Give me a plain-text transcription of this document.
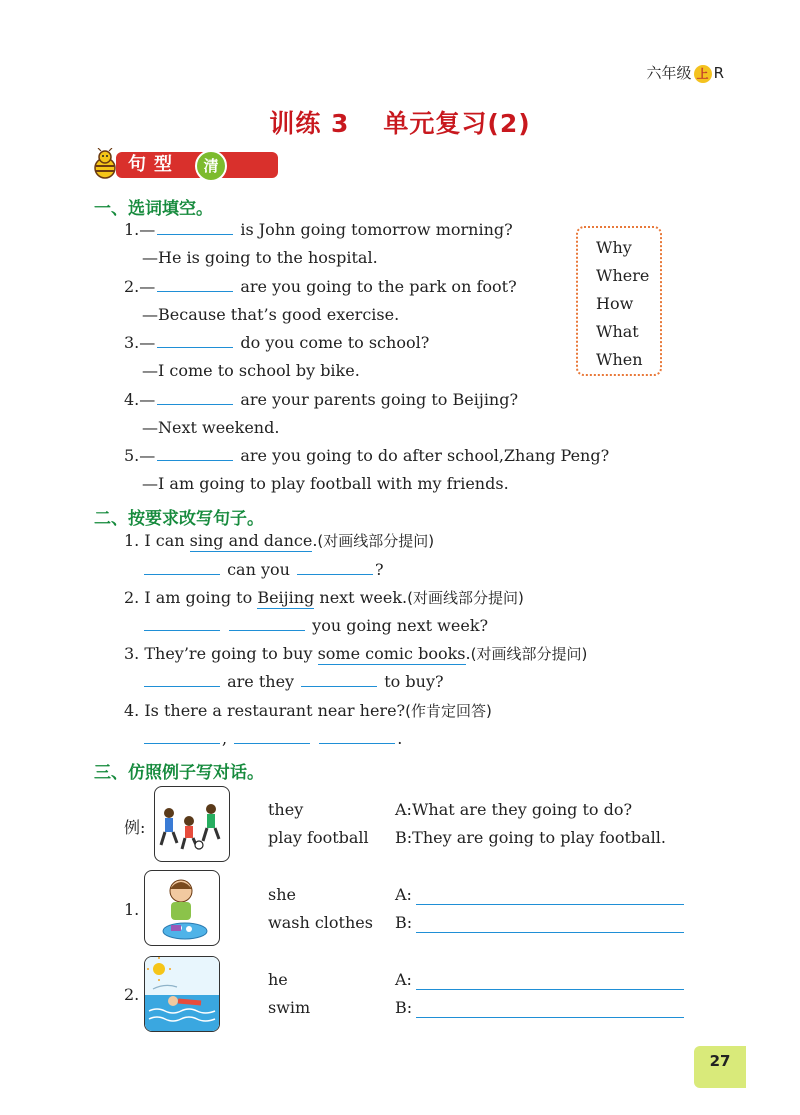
六年级 上 R
训练 3 单元复习(2)
句型	清
一、选词填空。
1.—	is John going tomorrow morning?
—He is going to the hospital.
2.—	are you going to the park on foot?
—Because that’s good exercise.
3.—	do you come to school?
—I come to school by bike.
4.—	are your parents going to Beijing?
—Next weekend.
5.—	are you going to do after school,Zhang Peng?
—I am going to play football with my friends.
Why
Where
How
What
When
二、按要求改写句子。
1. I can sing and dance.(对画线部分提问)
can you	?
2. I am going to Beijing next week.(对画线部分提问)
you going next week?
3. They’re going to buy some comic books.(对画线部分提问)
are they	to buy?
4. Is there a restaurant near here?(作肯定回答)
,	.
三、仿照例子写对话。
例:
they
play football
A:What are they going to do?
B:They are going to play football.
1.
she
wash clothes
A:
B:
2.
he
swim
A:
B:
27
